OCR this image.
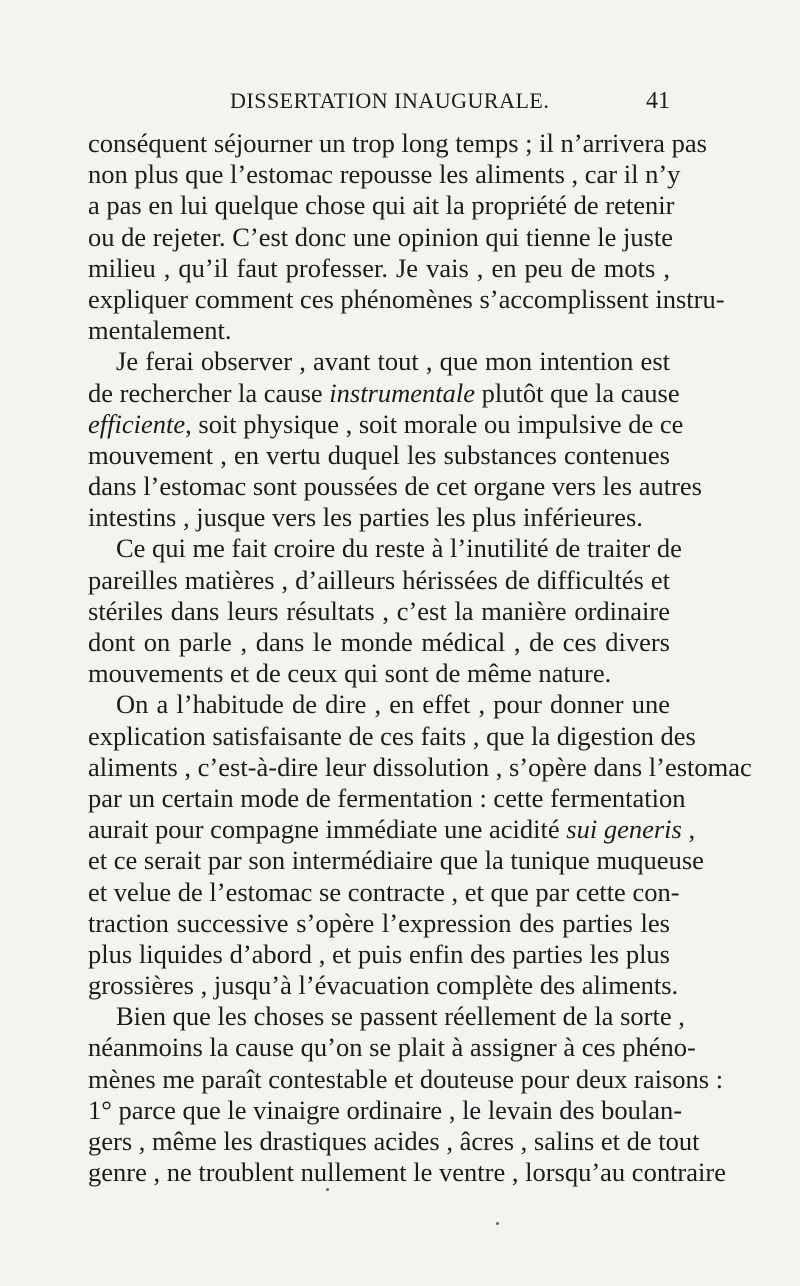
DISSERTATION INAUGURALE.	41
conséquent séjourner un trop long temps ; il n’arrivera pas
non plus que l’estomac repousse les aliments , car il n’y
a pas en lui quelque chose qui ait la propriété de retenir
ou de rejeter. C’est donc une opinion qui tienne le juste
milieu , qu’il faut professer. Je vais , en peu de mots ,
expliquer comment ces phénomènes s’accomplissent instru-
mentalement.
Je ferai observer , avant tout , que mon intention est
de rechercher la cause instrumentale plutôt que la cause
efficiente, soit physique , soit morale ou impulsive de ce
mouvement , en vertu duquel les substances contenues
dans l’estomac sont poussées de cet organe vers les autres
intestins , jusque vers les parties les plus inférieures.
Ce qui me fait croire du reste à l’inutilité de traiter de
pareilles matières , d’ailleurs hérissées de difficultés et
stériles dans leurs résultats , c’est la manière ordinaire
dont on parle , dans le monde médical , de ces divers
mouvements et de ceux qui sont de même nature.
On a l’habitude de dire , en effet , pour donner une
explication satisfaisante de ces faits , que la digestion des
aliments , c’est-à-dire leur dissolution , s’opère dans l’estomac
par un certain mode de fermentation : cette fermentation
aurait pour compagne immédiate une acidité sui generis ,
et ce serait par son intermédiaire que la tunique muqueuse
et velue de l’estomac se contracte , et que par cette con-
traction successive s’opère l’expression des parties les
plus liquides d’abord , et puis enfin des parties les plus
grossières , jusqu’à l’évacuation complète des aliments.
Bien que les choses se passent réellement de la sorte ,
néanmoins la cause qu’on se plait à assigner à ces phéno-
mènes me paraît contestable et douteuse pour deux raisons :
1° parce que le vinaigre ordinaire , le levain des boulan-
gers , même les drastiques acides , âcres , salins et de tout
genre , ne troublent nullement le ventre , lorsqu’au contraire
